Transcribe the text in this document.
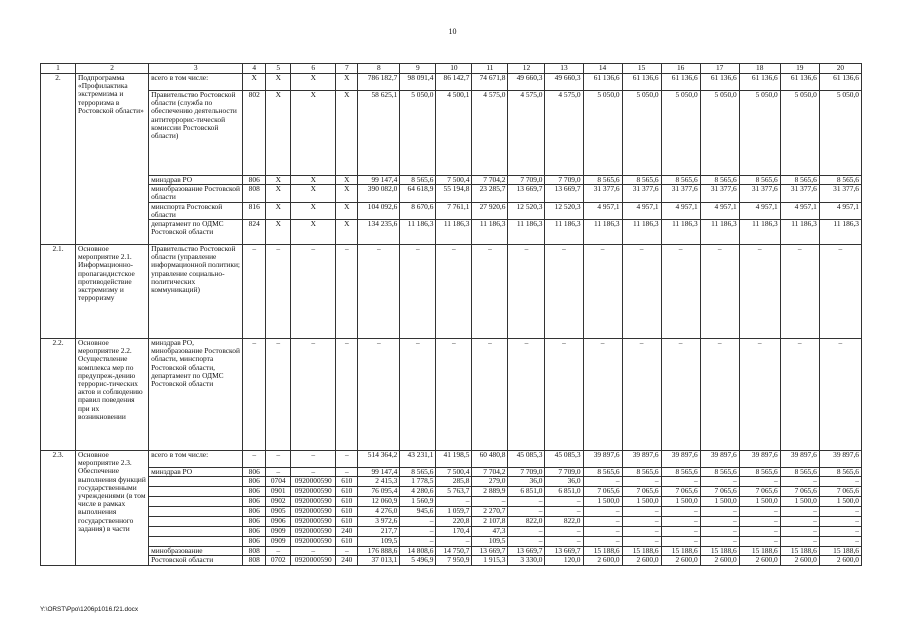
10
1	2	3	4	5	6	7	8	9	10	11	12	13	14	15	16	17	18	19	20
2.	Подпрограмма «Профилактика экстремизма и терроризма в Ростовской области»	всего в том числе:	Х	Х	Х	Х	786 182,7	98 091,4	86 142,7	74 671,8	49 660,3	49 660,3	61 136,6	61 136,6	61 136,6	61 136,6	61 136,6	61 136,6	61 136,6
		Правительство Ростовской области (служба по обеспечению деятельности антитеррорис-тической комиссии Ростовской области)	802	Х	Х	Х	58 625,1	5 050,0	4 500,1	4 575,0	4 575,0	4 575,0	5 050,0	5 050,0	5 050,0	5 050,0	5 050,0	5 050,0	5 050,0
		минздрав РО	806	Х	Х	Х	99 147,4	8 565,6	7 500,4	7 704,2	7 709,0	7 709,0	8 565,6	8 565,6	8 565,6	8 565,6	8 565,6	8 565,6	8 565,6
		минобразование Ростовской области	808	Х	Х	Х	390 082,0	64 618,9	55 194,8	23 285,7	13 669,7	13 669,7	31 377,6	31 377,6	31 377,6	31 377,6	31 377,6	31 377,6	31 377,6
		минспорта Ростовской области	816	Х	Х	Х	104 092,6	8 670,6	7 761,1	27 920,6	12 520,3	12 520,3	4 957,1	4 957,1	4 957,1	4 957,1	4 957,1	4 957,1	4 957,1
		департамент по ОДМС Ростовской области	824	Х	Х	Х	134 235,6	11 186,3	11 186,3	11 186,3	11 186,3	11 186,3	11 186,3	11 186,3	11 186,3	11 186,3	11 186,3	11 186,3	11 186,3
2.1.	Основное мероприятие 2.1. Информационно-пропагандистское противодействие экстремизму и терроризму	Правительство Ростовской области (управление информационной политики; управление социально-политических коммуникаций)	–	–	–	–	–	–	–	–	–	–	–	–	–	–	–	–	–
2.2.	Основное мероприятие 2.2. Осуществление комплекса мер по предупреж-дению террорис-тических актов и соблюдению правил поведения при их возникновении	минздрав РО, минобразование Ростовской области, минспорта Ростовской области, департамент по ОДМС Ростовской области	–	–	–	–	–	–	–	–	–	–	–	–	–	–	–	–	–
2.3.	Основное мероприятие 2.3. Обеспечение выполнения функций государственными учреждениями (в том числе в рамках выполнения государственного задания) в части	всего в том числе:	–	–	–	–	514 364,2	43 231,1	41 198,5	60 480,8	45 085,3	45 085,3	39 897,6	39 897,6	39 897,6	39 897,6	39 897,6	39 897,6	39 897,6
		минздрав РО	806	–	–	–	99 147,4	8 565,6	7 500,4	7 704,2	7 709,0	7 709,0	8 565,6	8 565,6	8 565,6	8 565,6	8 565,6	8 565,6	8 565,6
			806	0704	0920000590	610	2 415,3	1 778,5	285,8	279,0	36,0	36,0	–	–	–	–	–	–	–
			806	0901	0920000590	610	76 095,4	4 280,6	5 763,7	2 889,9	6 851,0	6 851,0	7 065,6	7 065,6	7 065,6	7 065,6	7 065,6	7 065,6	7 065,6
			806	0902	0920000590	610	12 060,9	1 560,9	–	–	–	–	1 500,0	1 500,0	1 500,0	1 500,0	1 500,0	1 500,0	1 500,0
			806	0905	0920000590	610	4 276,0	945,6	1 059,7	2 270,7	–	–	–	–	–	–	–	–	–
			806	0906	0920000590	610	3 972,6	–	220,8	2 107,8	822,0	822,0	–	–	–	–	–	–	–
			806	0909	0920000590	240	217,7	–	170,4	47,3	–	–	–	–	–	–	–	–	–
			806	0909	0920000590	610	109,5	–	–	109,5	–	–	–	–	–	–	–	–	–
		минобразование	808	–	–	–	176 888,6	14 808,6	14 750,7	13 669,7	13 669,7	13 669,7	15 188,6	15 188,6	15 188,6	15 188,6	15 188,6	15 188,6	15 188,6
		Ростовской области	808	0702	0920000590	240	37 013,1	5 496,9	7 950,9	1 915,3	3 330,0	120,0	2 600,0	2 600,0	2 600,0	2 600,0	2 600,0	2 600,0	2 600,0
Y:\ORST\Ppo\1206p1016.f21.docx
